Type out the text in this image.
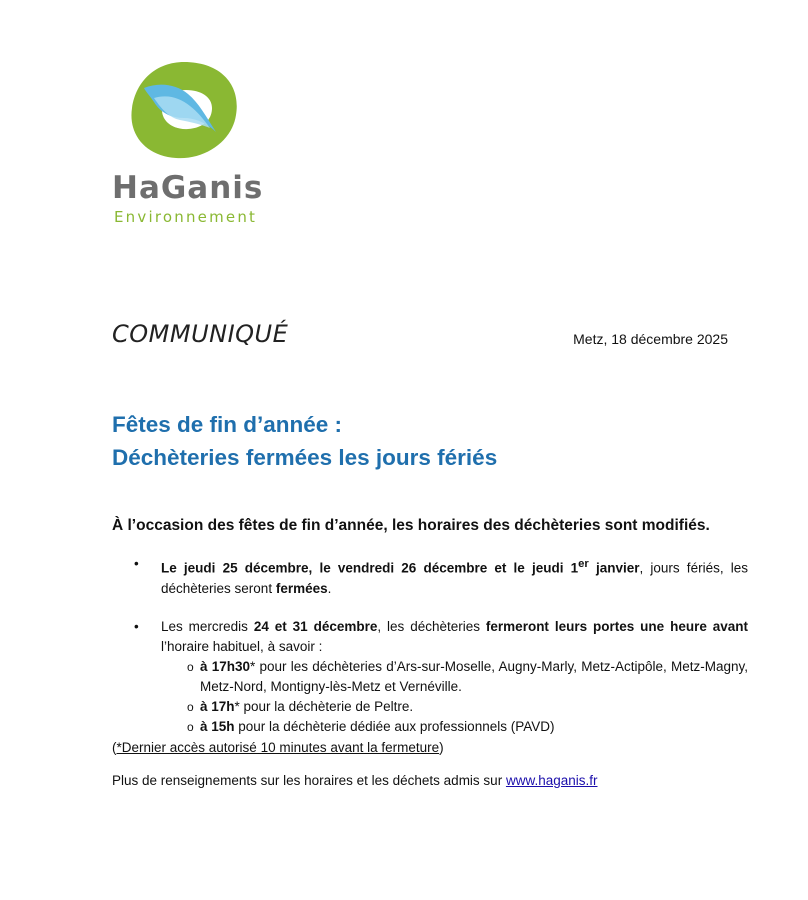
HaGanis
Environnement
COMMUNIQUÉ	Metz, 18 décembre 2025
Fêtes de fin d’année :
Déchèteries fermées les jours fériés
À l’occasion des fêtes de fin d’année, les horaires des déchèteries sont modifiés.
• Le jeudi 25 décembre, le vendredi 26 décembre et le jeudi 1er janvier, jours fériés, les déchèteries seront fermées.
• Les mercredis 24 et 31 décembre, les déchèteries fermeront leurs portes une heure avant l’horaire habituel, à savoir :
o à 17h30* pour les déchèteries d’Ars-sur-Moselle, Augny-Marly, Metz-Actipôle, Metz-Magny, Metz-Nord, Montigny-lès-Metz et Vernéville.
o à 17h* pour la déchèterie de Peltre.
o à 15h pour la déchèterie dédiée aux professionnels (PAVD)
(*Dernier accès autorisé 10 minutes avant la fermeture)
Plus de renseignements sur les horaires et les déchets admis sur www.haganis.fr
